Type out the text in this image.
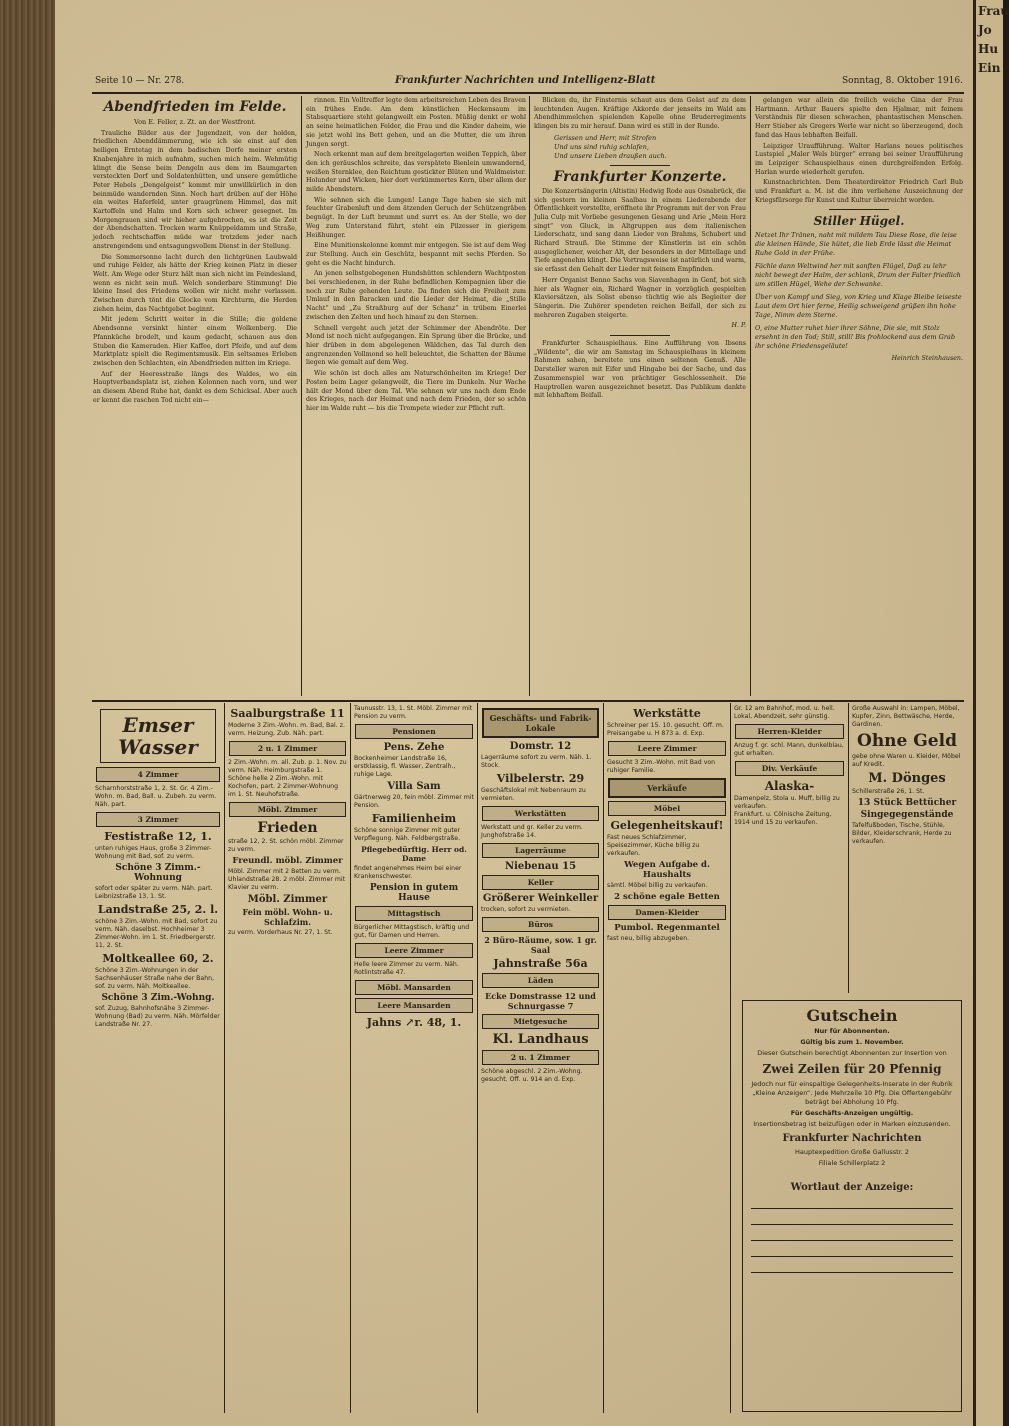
Frau
Jo
Hu
Ein
Seite 10 — Nr. 278.	Frankfurter Nachrichten und Intelligenz-Blatt	Sonntag, 8. Oktober 1916.
Abendfrieden im Felde.
Von E. Feller, z. Zt. an der Westfront.

Trauliche Bilder aus der Jugendzeit, von der holden, friedlichen Abenddämmerung, wie ich sie einst auf den heiligen Erntetag in dem badischen Dorfe meiner ersten Knabenjahre in mich aufnahm, suchen mich heim. Wehmütig klingt die Sense beim Dengeln aus dem im Baumgarten versteckten Dorf und Soldatenhütten, und unsere gemütliche Peter Hebels „Dengelgeist“ kommt mir unwillkürlich in den beinmüde wandernden Sinn. Noch hart drüben auf der Höhe ein weites Haferfeld, unter graugrünem Himmel, das mit Kartoffeln und Halm und Korn sich schwer gesegnet. Im Morgengrauen sind wir hieher aufgebrochen, es ist die Zeit der Abendschatten. Trocken warm Knüppeldamm und Straße, jedoch rechtschaffen müde war trotzdem jeder nach anstrengendem und entsagungsvollem Dienst in der Stellung.

Die Sommersonne lacht durch den lichtgrünen Laubwald und ruhige Felder, als hätte der Krieg keinen Platz in dieser Welt. Am Wege oder Sturz hält man sich nicht im Feindesland, wenn es nicht sein muß. Welch sonderbare Stimmung! Die kleine Insel des Friedens wollen wir nicht mehr verlassen. Zwischen durch tönt die Glocke vom Kirchturm, die Herden ziehen heim, das Nachtgebet beginnt.

Mit jedem Schritt weiter in die Stille; die goldene Abendsonne versinkt hinter einem Wolkenberg. Die Pfannküche brodelt, und kaum gedacht, schauen aus den Stuben die Kameraden. Hier Kaffee, dort Pfeife, und auf dem Marktplatz spielt die Regimentsmusik. Ein seltsames Erleben zwischen den Schlachten, ein Abendfrieden mitten im Kriege.

Auf der Heeresstraße längs des Waldes, wo ein Hauptverbandsplatz ist, ziehen Kolonnen nach vorn, und wer an diesem Abend Ruhe hat, dankt es dem Schicksal. Aber auch er kennt die raschen Tod nicht ein—

rinnen. Ein Volltreffer legte dem arbeitsreichen Leben des Braven ein frühes Ende. Am dem künstlichen Heckensaum im Stabsquartiere steht gelangweilt ein Posten. Müßig denkt er wohl an seine heimatlichen Felder, die Frau und die Kinder daheim, wie sie jetzt wohl ins Bett gehen, und an die Mutter, die um ihren Jungen sorgt.

Noch erkennt man auf dem breitgelagerten weißen Teppich, über den ich geräuschlos schreite, das verspätete Bienlein umwandernd, weißen Sternklee, den Reichtum gestickter Blüten und Waldmeister. Holunder und Wicken, hier dort verkümmertes Korn, über allem der milde Abendstern.

Wie sehnen sich die Lungen! Lange Tage haben sie sich mit feuchter Grabenluft und dem ätzenden Geruch der Schützengräben begnügt. In der Luft brummt und surrt es. An der Stelle, wo der Weg zum Unterstand führt, steht ein Pilzesser in gierigem Heißhunger.

Eine Munitionskolonne kommt mir entgegen. Sie ist auf dem Weg zur Stellung. Auch ein Geschütz, bespannt mit sechs Pferden. So geht es die Nacht hindurch.

An jenen selbstgebogenen Hundshütten schlendern Wachtposten bei verschiedenen, in der Ruhe befindlichen Kompagnien über die noch zur Ruhe gehenden Leute. Da finden sich die Freiheit zum Umlauf in den Baracken und die Lieder der Heimat, die „Stille Nacht“ und „Zu Straßburg auf der Schanz“ in trübem Einerlei zwischen den Zelten und hoch hinauf zu den Sternen.

Schnell vergeht auch jetzt der Schimmer der Abendröte. Der Mond ist noch nicht aufgegangen. Ein Sprung über die Brücke, und hier drüben in dem abgelegenen Wäldchen, das Tal durch den angrenzenden Vollmond so hell beleuchtet, die Schatten der Bäume liegen wie gemalt auf dem Weg.

Wie schön ist doch alles am Naturschönheiten im Kriege! Der Posten beim Lager gelangweilt, die Tiere im Dunkeln. Nur Wache hält der Mond über dem Tal. Wie sehnen wir uns nach dem Ende des Krieges, nach der Heimat und nach dem Frieden, der so schön hier im Walde ruht — bis die Trompete wieder zur Pflicht ruft.

Blicken du, ihr Finsternis schaut aus dem Geäst auf zu dem leuchtenden Augen. Kräftige Akkorde der jenseits im Wald am Abendhimmelchen spielenden Kapelle ohne Bruderregiments klingen bis zu mir herauf. Dann wird es still in der Runde.

Gerissen und Herr, mit Strofen
Und uns sind ruhig schlafen,
Und unsere Lieben draußen auch.
Frankfurter Konzerte.

Die Konzertsängerin (Altistin) Hedwig Rode aus Osnabrück, die sich gestern im kleinen Saalbau in einem Liederabende der Öffentlichkeit vorstellte, eröffnete ihr Programm mit der von Frau Julia Culp mit Vorliebe gesungenen Gesang und Arie „Mein Herz singt“ von Gluck, in Altgruppen aus dem italienischen Liederschatz, und sang dann Lieder von Brahms, Schubert und Richard Strauß. Die Stimme der Künstlerin ist ein schön ausgeglichener, weicher Alt, der besonders in der Mittellage und Tiefe angenehm klingt. Die Vortragsweise ist natürlich und warm, sie erfasst den Gehalt der Lieder mit feinem Empfinden.

Herr Organist Benno Sachs von Siavenhagen in Genf, bot sich hier als Wagner ein, Richard Wagner in vorzüglich gespielten Klaviersätzen, als Solist ebenso tüchtig wie als Begleiter der Sängerin. Die Zuhörer spendeten reichen Beifall, der sich zu mehreren Zugaben steigerte.

H. P.

Frankfurter Schauspielhaus. Eine Aufführung von Ibsens „Wildente“, die wir am Samstag im Schauspielhaus in kleinem Rahmen sahen, bereitete uns einen seltenen Genuß. Alle Darsteller waren mit Eifer und Hingabe bei der Sache, und das Zusammenspiel war von prächtiger Geschlossenheit. Die Hauptrollen waren ausgezeichnet besetzt. Das Publikum dankte mit lebhaftem Beifall.

gelangen war allein die freilich weiche Gina der Frau Hartmann. Arthur Bauers spielte den Hjalmar, mit feinem Verständnis für diesen schwachen, phantastischen Menschen. Herr Stieber als Gregers Werle war nicht so überzeugend, doch fand das Haus lebhaften Beifall.

Leipziger Uraufführung. Walter Harlans neues politisches Lustspiel „Maler Wels bürger“ errang bei seiner Uraufführung im Leipziger Schauspielhaus einen durchgreifenden Erfolg. Harlan wurde wiederholt gerufen.

Kunstnachrichten. Dem Theaterdirektor Friedrich Carl Bub und Frankfurt a. M. ist die ihm verliehene Auszeichnung der Kriegsfürsorge für Kunst und Kultur überreicht worden.

Stiller Hügel.

Netzet Ihr Tränen, naht mit mildem Tau Diese Rose, die leise die kleinen Hände, Sie hütet, die lieb Erde lässt die Heimat Ruhe Gold in der Frühe.

Fächle dann Weltwind her mit sanften Flügel, Daß zu lehr nicht bewegt der Halm, der schlank, Drum der Falter friedlich um stillen Hügel, Wehe der Schwanke.

Über von Kampf und Sieg, von Krieg und Klage Bleibe leiseste Laut dem Ort hier ferne, Heilig schweigend grüßen ihn hohe Tage, Nimm dem Sterne.

O, eine Mutter ruhet hier ihrer Söhne, Die sie, mit Stolz ersehnt in den Tod; Still, still! Bis frohlockend aus dem Grab ihr schöne Friedensgeläute!

Heinrich Steinhausen.
Emser Wasser
4 Zimmer
Scharnhorststraße 1, 2. St. Gr. 4 Zim.-Wohn. m. Bad, Ball. u. Zubeh. zu verm. Näh. part.
3 Zimmer
Festistraße 12, 1.
unten ruhiges Haus, große 3 Zimmer-Wohnung mit Bad, sof. zu verm.
Schöne 3 Zimm.-Wohnung
sofort oder später zu verm. Näh. part. Leibnizstraße 13, 1. St.
Landstraße 25, 2. l.
schöne 3 Zim.-Wohn. mit Bad, sofort zu verm. Näh. daselbst. Hochheimer 3 Zimmer-Wohn. im 1. St. Friedbergerstr. 11, 2. St.
Moltkeallee 60, 2.
Schöne 3 Zim.-Wohnungen in der Sachsenhäuser Straße nahe der Bahn, sof. zu verm. Näh. Moltkeallee.
Schöne 3 Zim.-Wohng.
sof. Zuzug, Bahnhofsnähe 3 Zimmer-Wohnung (Bad) zu verm. Näh. Mörfelder Landstraße Nr. 27.
Saalburgstraße 11
Moderne 3 Zim.-Wohn. m. Bad, Bal. z. verm. Heizung, Zub. Näh. part.
2 u. 1 Zimmer
2 Zim.-Wohn. m. all. Zub. p. 1. Nov. zu verm. Näh. Heimburgstraße 1.
Schöne helle 2 Zim.-Wohn. mit Kochofen, part. 2 Zimmer-Wohnung im 1. St. Neuhofstraße.
Möbl. Zimmer
Frieden
straße 12, 2. St. schön möbl. Zimmer zu verm.
Freundl. möbl. Zimmer
Möbl. Zimmer mit 2 Betten zu verm. Uhlandstraße 28. 2 möbl. Zimmer mit Klavier zu verm.
Möbl. Zimmer
Fein möbl. Wohn- u. Schlafzim.
zu verm. Vorderhaus Nr. 27, 1. St.
Taunusstr. 13, 1. St. Möbl. Zimmer mit Pension zu verm.
Pensionen
Pens. Zehe
Bockenheimer Landstraße 16, erstklassig, fl. Wasser, Zentralh., ruhige Lage.
Villa Sam
Gärtnerweg 20, fein möbl. Zimmer mit Pension.
Familienheim
Schöne sonnige Zimmer mit guter Verpflegung. Näh. Feldbergstraße.
Pflegebedürftig. Herr od. Dame
findet angenehmes Heim bei einer Krankenschwester.
Pension in gutem Hause
Mittagstisch
Bürgerlicher Mittagstisch, kräftig und gut, für Damen und Herren.
Leere Zimmer
Helle leere Zimmer zu verm. Näh. Rotlintstraße 47.
Möbl. Mansarden
Leere Mansarden
Jahns ↗r. 48, 1.
Geschäfts- und Fabrik-Lokale
Domstr. 12
Lagerräume sofort zu verm. Näh. 1. Stock.
Vilbelerstr. 29
Geschäftslokal mit Nebenraum zu vermieten.
Werkstätten
Werkstatt und gr. Keller zu verm. Junghofstraße 14.
Lagerräume
Niebenau 15
Keller
Größerer Weinkeller
trocken, sofort zu vermieten.
Büros
2 Büro-Räume, sow. 1 gr. Saal
Jahnstraße 56a
Läden
Ecke Domstrasse 12 und Schnurgasse 7
Mietgesuche
Kl. Landhaus
2 u. 1 Zimmer
Schöne abgeschl. 2 Zim.-Wohng. gesucht. Off. u. 914 an d. Exp.
Werkstätte
Schreiner per 15. 10. gesucht. Off. m. Preisangabe u. H 873 a. d. Exp.
Leere Zimmer
Gesucht 3 Zim.-Wohn. mit Bad von ruhiger Familie.
Verkäufe
Möbel
Gelegenheitskauf!
Fast neues Schlafzimmer, Speisezimmer, Küche billig zu verkaufen.
Wegen Aufgabe d. Haushalts
sämtl. Möbel billig zu verkaufen.
2 schöne egale Betten
Damen-Kleider
Pumbol. Regenmantel
fast neu, billig abzugeben.
Gr. 12 am Bahnhof, mod. u. hell. Lokal, Abendzeit, sehr günstig.
Herren-Kleider
Anzug f. gr. schl. Mann, dunkelblau, gut erhalten.
Div. Verkäufe
Alaska-
Damenpelz, Stola u. Muff, billig zu verkaufen.
Frankfurt. u. Cölnische Zeitung, 1914 und 15 zu verkaufen.
Große Auswahl in: Lampen, Möbel, Kupfer, Zinn, Bettwäsche, Herde, Gardinen.
Ohne Geld
gebe ohne Waren u. Kleider, Möbel auf Kredit.
M. Dönges
Schillerstraße 26, 1. St.
13 Stück Bettücher
Singegegenstände
Tafelfußboden, Tische, Stühle, Bilder, Kleiderschrank, Herde zu verkaufen.
Gutschein
Nur für Abonnenten.
Gültig bis zum 1. November.
Dieser Gutschein berechtigt Abonnenten zur Insertion von
Zwei Zeilen für 20 Pfennig
Jedoch nur für einspaltige Gelegenheits-Inserate in der Rubrik „Kleine Anzeigen“. Jede Mehrzeile 10 Pfg. Die Offertengebühr beträgt bei Abholung 10 Pfg.
Für Geschäfts-Anzeigen ungültig.
Insertionsbetrag ist beizufügen oder in Marken einzusenden.
Frankfurter Nachrichten
Hauptexpedition Große Gallusstr. 2
Filiale Schillerplatz 2
Wortlaut der Anzeige:
